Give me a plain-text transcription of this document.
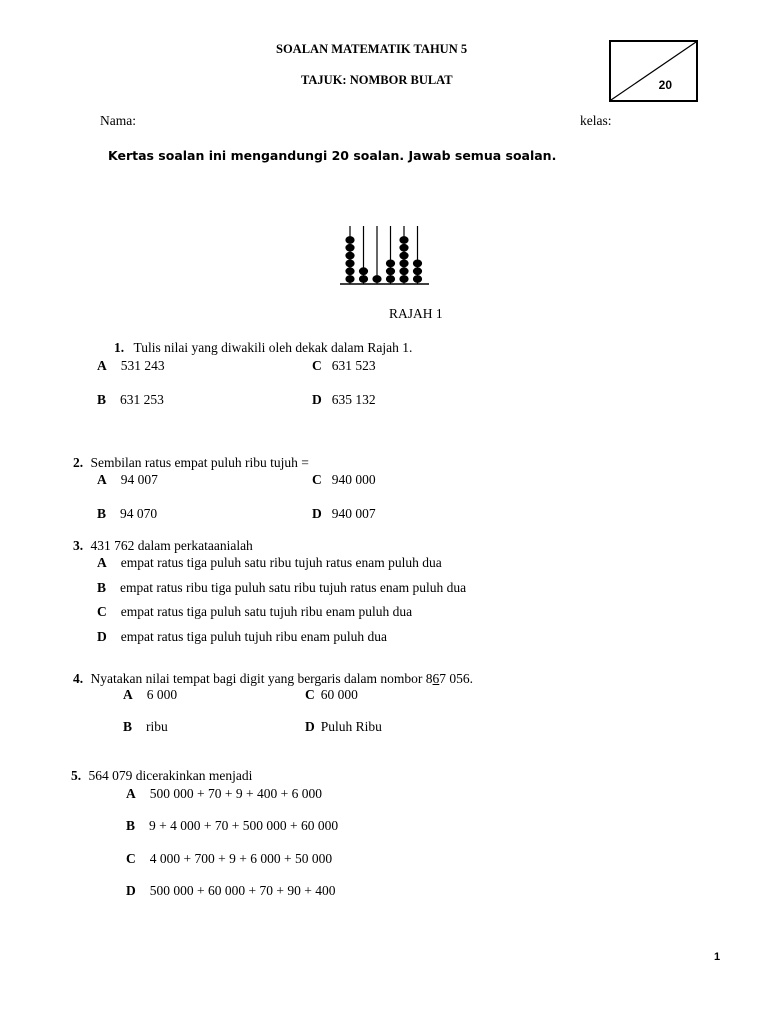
SOALAN MATEMATIK TAHUN 5
TAJUK: NOMBOR BULAT	20
Nama:	kelas:
Kertas soalan ini mengandungi 20 soalan. Jawab semua soalan.
RAJAH 1
1. Tulis nilai yang diwakili oleh dekak dalam Rajah 1.
A 531 243	C 631 523
B 631 253	D 635 132
2. Sembilan ratus empat puluh ribu tujuh =
A 94 007	C 940 000
B 94 070	D 940 007
3. 431 762 dalam perkataanialah
A empat ratus tiga puluh satu ribu tujuh ratus enam puluh dua
B empat ratus ribu tiga puluh satu ribu tujuh ratus enam puluh dua
C empat ratus tiga puluh satu tujuh ribu enam puluh dua
D empat ratus tiga puluh tujuh ribu enam puluh dua
4. Nyatakan nilai tempat bagi digit yang bergaris dalam nombor 867 056.
A 6 000	C 60 000
B ribu	D Puluh Ribu
5. 564 079 dicerakinkan menjadi
A 500 000 + 70 + 9 + 400 + 6 000
B 9 + 4 000 + 70 + 500 000 + 60 000
C 4 000 + 700 + 9 + 6 000 + 50 000
D 500 000 + 60 000 + 70 + 90 + 400
1
